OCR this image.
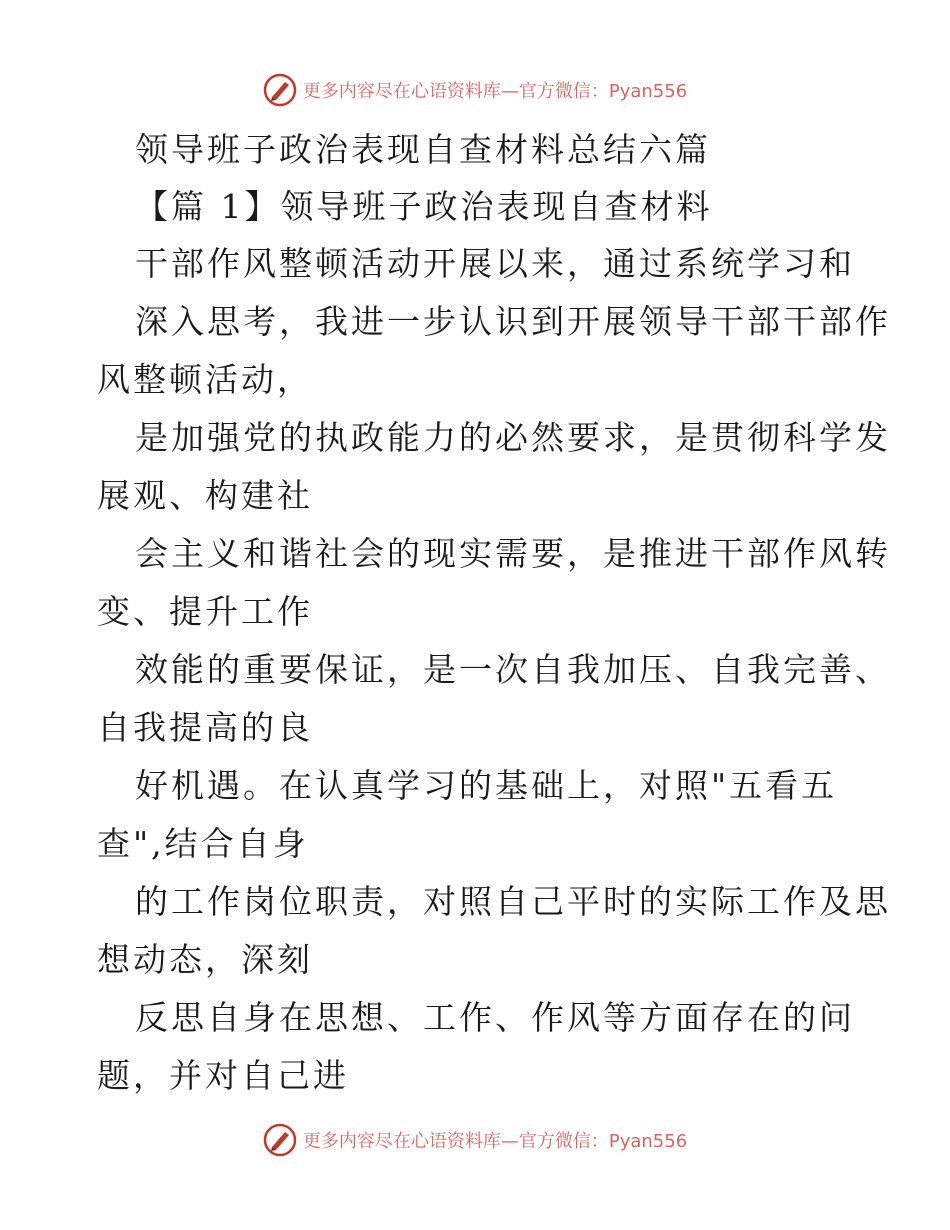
更多内容尽在心语资料库—官方微信：Pyan556
领导班子政治表现自查材料总结六篇
【篇 1】领导班子政治表现自查材料
干部作风整顿活动开展以来，通过系统学习和
深入思考，我进一步认识到开展领导干部干部作
风整顿活动，
是加强党的执政能力的必然要求，是贯彻科学发
展观、构建社
会主义和谐社会的现实需要，是推进干部作风转
变、提升工作
效能的重要保证，是一次自我加压、自我完善、
自我提高的良
好机遇。在认真学习的基础上，对照"五看五
查",结合自身
的工作岗位职责，对照自己平时的实际工作及思
想动态，深刻
反思自身在思想、工作、作风等方面存在的问
题，并对自己进
更多内容尽在心语资料库—官方微信：Pyan556
